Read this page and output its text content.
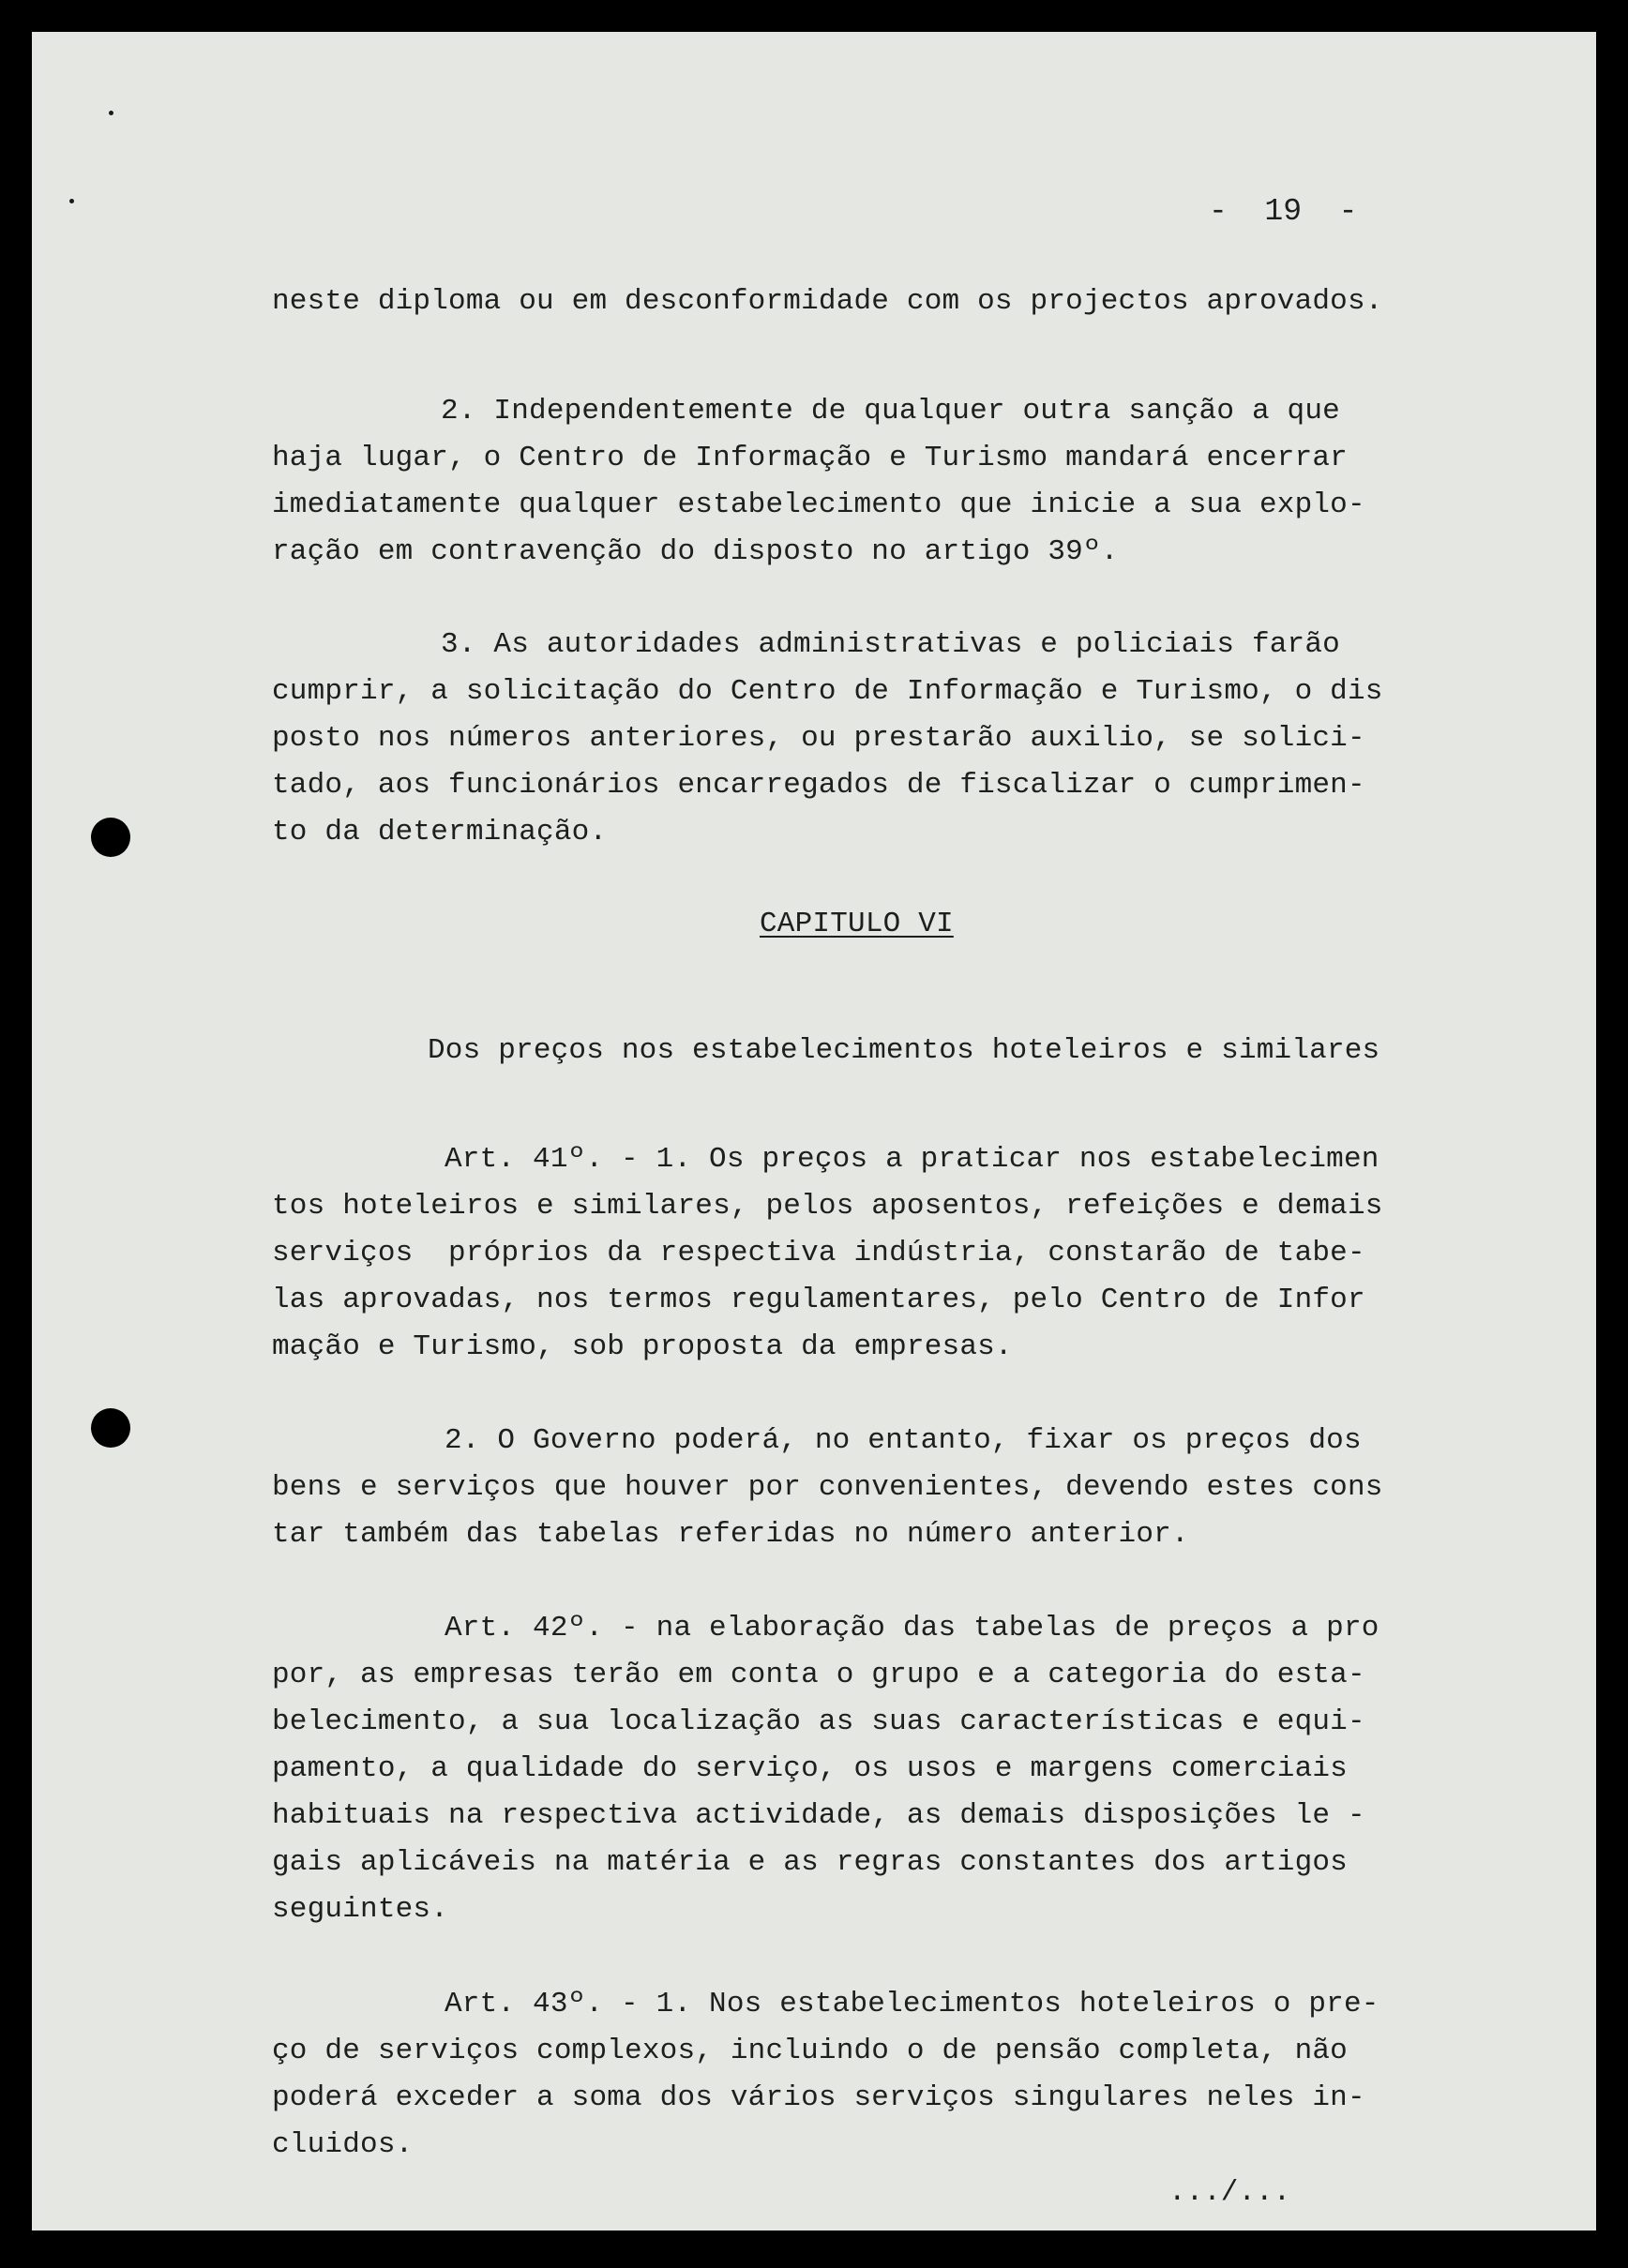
-  19  -

neste diploma ou em desconformidade com os projectos aprovados.

2. Independentemente de qualquer outra sanção a que

haja lugar, o Centro de Informação e Turismo mandará encerrar

imediatamente qualquer estabelecimento que inicie a sua explo-

ração em contravenção do disposto no artigo 39º.

3. As autoridades administrativas e policiais farão

cumprir, a solicitação do Centro de Informação e Turismo, o dis

posto nos números anteriores, ou prestarão auxilio, se solici-

tado, aos funcionários encarregados de fiscalizar o cumprimen-

to da determinação.

CAPITULO VI

Dos preços nos estabelecimentos hoteleiros e similares

Art. 41º. - 1. Os preços a praticar nos estabelecimen

tos hoteleiros e similares, pelos aposentos, refeições e demais

serviços  próprios da respectiva indústria, constarão de tabe-

las aprovadas, nos termos regulamentares, pelo Centro de Infor

mação e Turismo, sob proposta da empresas.

2. O Governo poderá, no entanto, fixar os preços dos

bens e serviços que houver por convenientes, devendo estes cons

tar também das tabelas referidas no número anterior.

Art. 42º. - na elaboração das tabelas de preços a pro

por, as empresas terão em conta o grupo e a categoria do esta-

belecimento, a sua localização as suas características e equi-

pamento, a qualidade do serviço, os usos e margens comerciais

habituais na respectiva actividade, as demais disposições le -

gais aplicáveis na matéria e as regras constantes dos artigos

seguintes.

Art. 43º. - 1. Nos estabelecimentos hoteleiros o pre-

ço de serviços complexos, incluindo o de pensão completa, não

poderá exceder a soma dos vários serviços singulares neles in-

cluidos.

.../...
